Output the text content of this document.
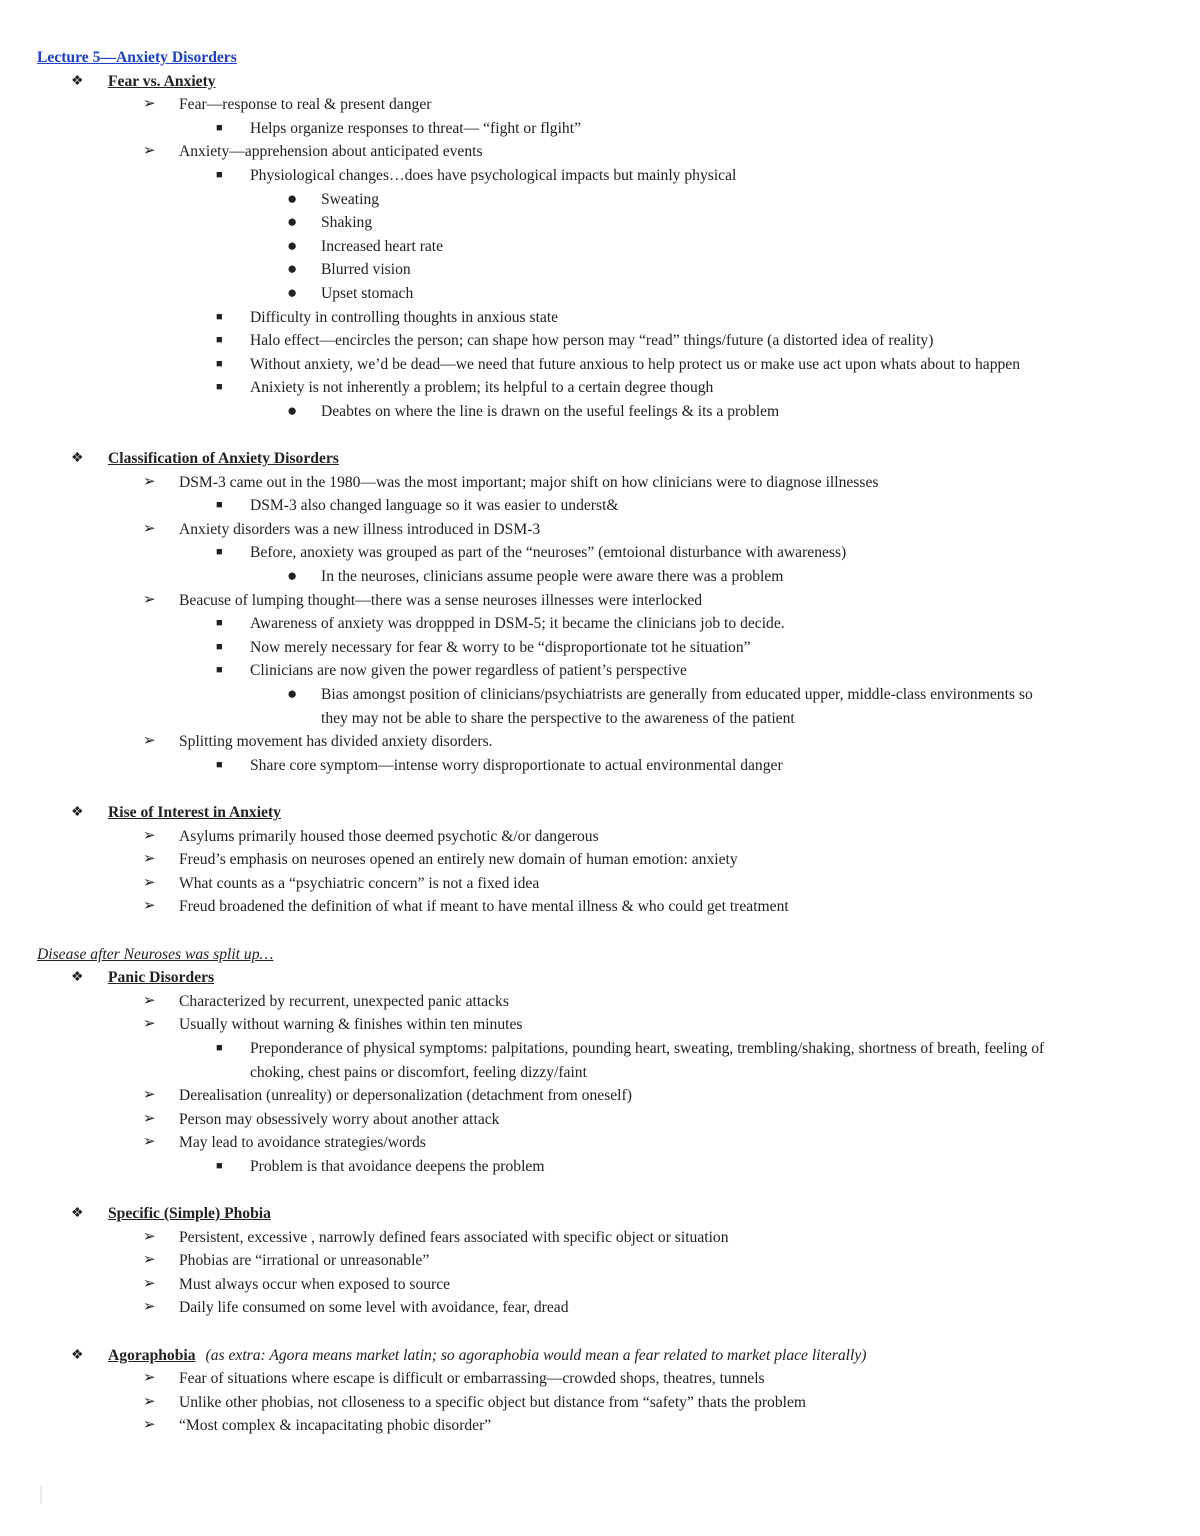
Lecture 5—Anxiety Disorders
❖ Fear vs. Anxiety
➢ Fear—response to real & present danger
■ Helps organize responses to threat— “fight or flgiht”
➢ Anxiety—apprehension about anticipated events
■ Physiological changes…does have psychological impacts but mainly physical
● Sweating
● Shaking
● Increased heart rate
● Blurred vision
● Upset stomach
■ Difficulty in controlling thoughts in anxious state
■ Halo effect—encircles the person; can shape how person may “read” things/future (a distorted idea of reality)
■ Without anxiety, we’d be dead—we need that future anxious to help protect us or make use act upon whats about to happen
■ Anixiety is not inherently a problem; its helpful to a certain degree though
● Deabtes on where the line is drawn on the useful feelings & its a problem
❖ Classification of Anxiety Disorders
➢ DSM-3 came out in the 1980—was the most important; major shift on how clinicians were to diagnose illnesses
■ DSM-3 also changed language so it was easier to underst&
➢ Anxiety disorders was a new illness introduced in DSM-3
■ Before, anoxiety was grouped as part of the “neuroses” (emtoional disturbance with awareness)
● In the neuroses, clinicians assume people were aware there was a problem
➢ Beacuse of lumping thought—there was a sense neuroses illnesses were interlocked
■ Awareness of anxiety was droppped in DSM-5; it became the clinicians job to decide.
■ Now merely necessary for fear & worry to be “disproportionate tot he situation”
■ Clinicians are now given the power regardless of patient’s perspective
● Bias amongst position of clinicians/psychiatrists are generally from educated upper, middle-class environments so
they may not be able to share the perspective to the awareness of the patient
➢ Splitting movement has divided anxiety disorders.
■ Share core symptom—intense worry disproportionate to actual environmental danger
❖ Rise of Interest in Anxiety
➢ Asylums primarily housed those deemed psychotic &/or dangerous
➢ Freud’s emphasis on neuroses opened an entirely new domain of human emotion: anxiety
➢ What counts as a “psychiatric concern” is not a fixed idea
➢ Freud broadened the definition of what if meant to have mental illness & who could get treatment
Disease after Neuroses was split up…
❖ Panic Disorders
➢ Characterized by recurrent, unexpected panic attacks
➢ Usually without warning & finishes within ten minutes
■ Preponderance of physical symptoms: palpitations, pounding heart, sweating, trembling/shaking, shortness of breath, feeling of
choking, chest pains or discomfort, feeling dizzy/faint
➢ Derealisation (unreality) or depersonalization (detachment from oneself)
➢ Person may obsessively worry about another attack
➢ May lead to avoidance strategies/words
■ Problem is that avoidance deepens the problem
❖ Specific (Simple) Phobia
➢ Persistent, excessive , narrowly defined fears associated with specific object or situation
➢ Phobias are “irrational or unreasonable”
➢ Must always occur when exposed to source
➢ Daily life consumed on some level with avoidance, fear, dread
❖ Agoraphobia (as extra: Agora means market latin; so agoraphobia would mean a fear related to market place literally)
➢ Fear of situations where escape is difficult or embarrassing—crowded shops, theatres, tunnels
➢ Unlike other phobias, not clloseness to a specific object but distance from “safety” thats the problem
➢ “Most complex & incapacitating phobic disorder”
